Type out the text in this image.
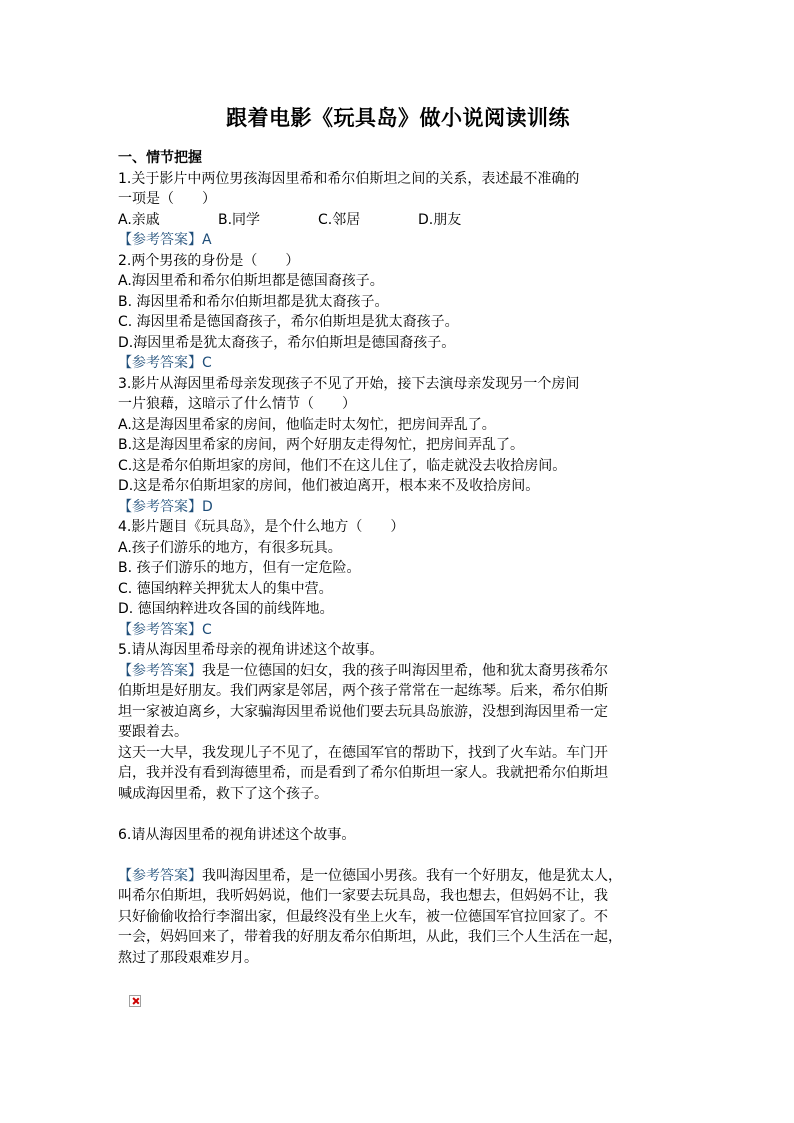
跟着电影《玩具岛》做小说阅读训练

一、情节把握

1.关于影片中两位男孩海因里希和希尔伯斯坦之间的关系，表述最不准确的

一项是（　　）

A.亲戚	B.同学	C.邻居	D.朋友

【参考答案】A

2.两个男孩的身份是（　　）

A.海因里希和希尔伯斯坦都是德国裔孩子。

B. 海因里希和希尔伯斯坦都是犹太裔孩子。

C. 海因里希是德国裔孩子，希尔伯斯坦是犹太裔孩子。

D.海因里希是犹太裔孩子，希尔伯斯坦是德国裔孩子。

【参考答案】C

3.影片从海因里希母亲发现孩子不见了开始，接下去演母亲发现另一个房间

一片狼藉，这暗示了什么情节（　　）

A.这是海因里希家的房间，他临走时太匆忙，把房间弄乱了。

B.这是海因里希家的房间，两个好朋友走得匆忙，把房间弄乱了。

C.这是希尔伯斯坦家的房间，他们不在这儿住了，临走就没去收拾房间。

D.这是希尔伯斯坦家的房间，他们被迫离开，根本来不及收拾房间。

【参考答案】D

4.影片题目《玩具岛》，是个什么地方（　　）

A.孩子们游乐的地方，有很多玩具。

B. 孩子们游乐的地方，但有一定危险。

C. 德国纳粹关押犹太人的集中营。

D. 德国纳粹进攻各国的前线阵地。

【参考答案】C

5.请从海因里希母亲的视角讲述这个故事。

【参考答案】我是一位德国的妇女，我的孩子叫海因里希，他和犹太裔男孩希尔

伯斯坦是好朋友。我们两家是邻居，两个孩子常常在一起练琴。后来，希尔伯斯

坦一家被迫离乡，大家骗海因里希说他们要去玩具岛旅游，没想到海因里希一定

要跟着去。

这天一大早，我发现儿子不见了，在德国军官的帮助下，找到了火车站。车门开

启，我并没有看到海德里希，而是看到了希尔伯斯坦一家人。我就把希尔伯斯坦

喊成海因里希，救下了这个孩子。

6.请从海因里希的视角讲述这个故事。

【参考答案】我叫海因里希，是一位德国小男孩。我有一个好朋友，他是犹太人，

叫希尔伯斯坦，我听妈妈说，他们一家要去玩具岛，我也想去，但妈妈不让，我

只好偷偷收拾行李溜出家，但最终没有坐上火车，被一位德国军官拉回家了。不

一会，妈妈回来了，带着我的好朋友希尔伯斯坦，从此，我们三个人生活在一起，

熬过了那段艰难岁月。
